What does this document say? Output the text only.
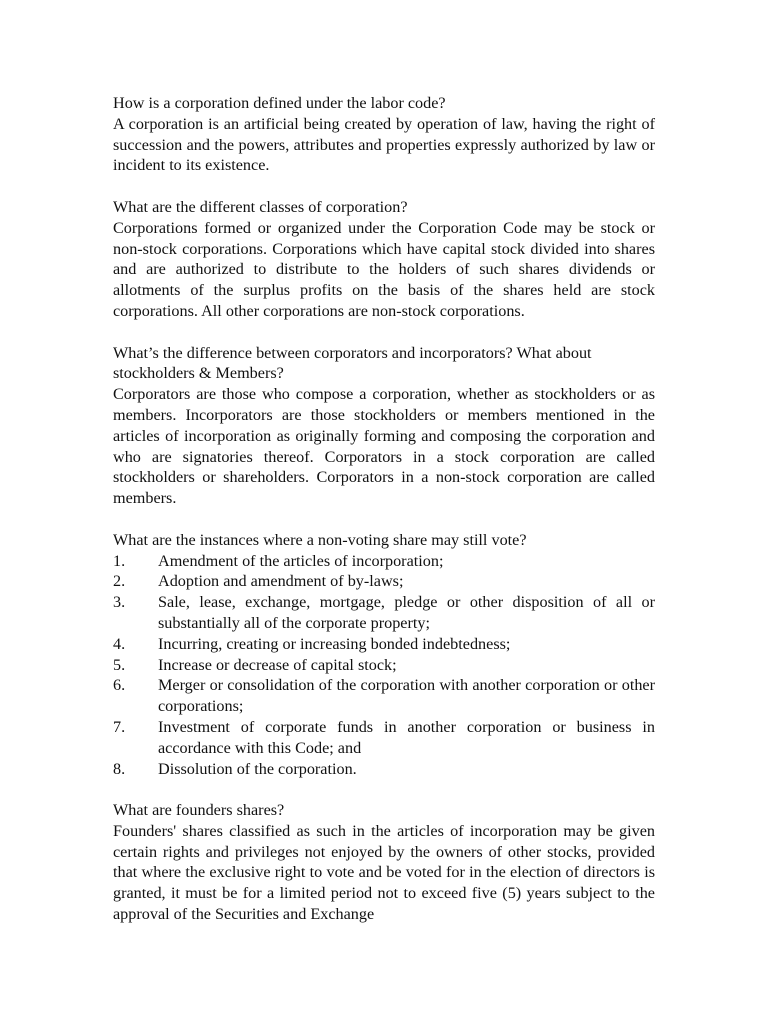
How is a corporation defined under the labor code?
A corporation is an artificial being created by operation of law, having the right of succession and the powers, attributes and properties expressly authorized by law or incident to its existence.
What are the different classes of corporation?
Corporations formed or organized under the Corporation Code may be stock or non-stock corporations. Corporations which have capital stock divided into shares and are authorized to distribute to the holders of such shares dividends or allotments of the surplus profits on the basis of the shares held are stock corporations. All other corporations are non-stock corporations.
What’s the difference between corporators and incorporators? What about stockholders & Members?
Corporators are those who compose a corporation, whether as stockholders or as members. Incorporators are those stockholders or members mentioned in the articles of incorporation as originally forming and composing the corporation and who are signatories thereof. Corporators in a stock corporation are called stockholders or shareholders. Corporators in a non-stock corporation are called members.
What are the instances where a non-voting share may still vote?
1.	Amendment of the articles of incorporation;
2.	Adoption and amendment of by-laws;
3.	Sale, lease, exchange, mortgage, pledge or other disposition of all or substantially all of the corporate property;
4.	Incurring, creating or increasing bonded indebtedness;
5.	Increase or decrease of capital stock;
6.	Merger or consolidation of the corporation with another corporation or other corporations;
7.	Investment of corporate funds in another corporation or business in accordance with this Code; and
8.	Dissolution of the corporation.
What are founders shares?
Founders' shares classified as such in the articles of incorporation may be given certain rights and privileges not enjoyed by the owners of other stocks, provided that where the exclusive right to vote and be voted for in the election of directors is granted, it must be for a limited period not to exceed five (5) years subject to the approval of the Securities and Exchange
